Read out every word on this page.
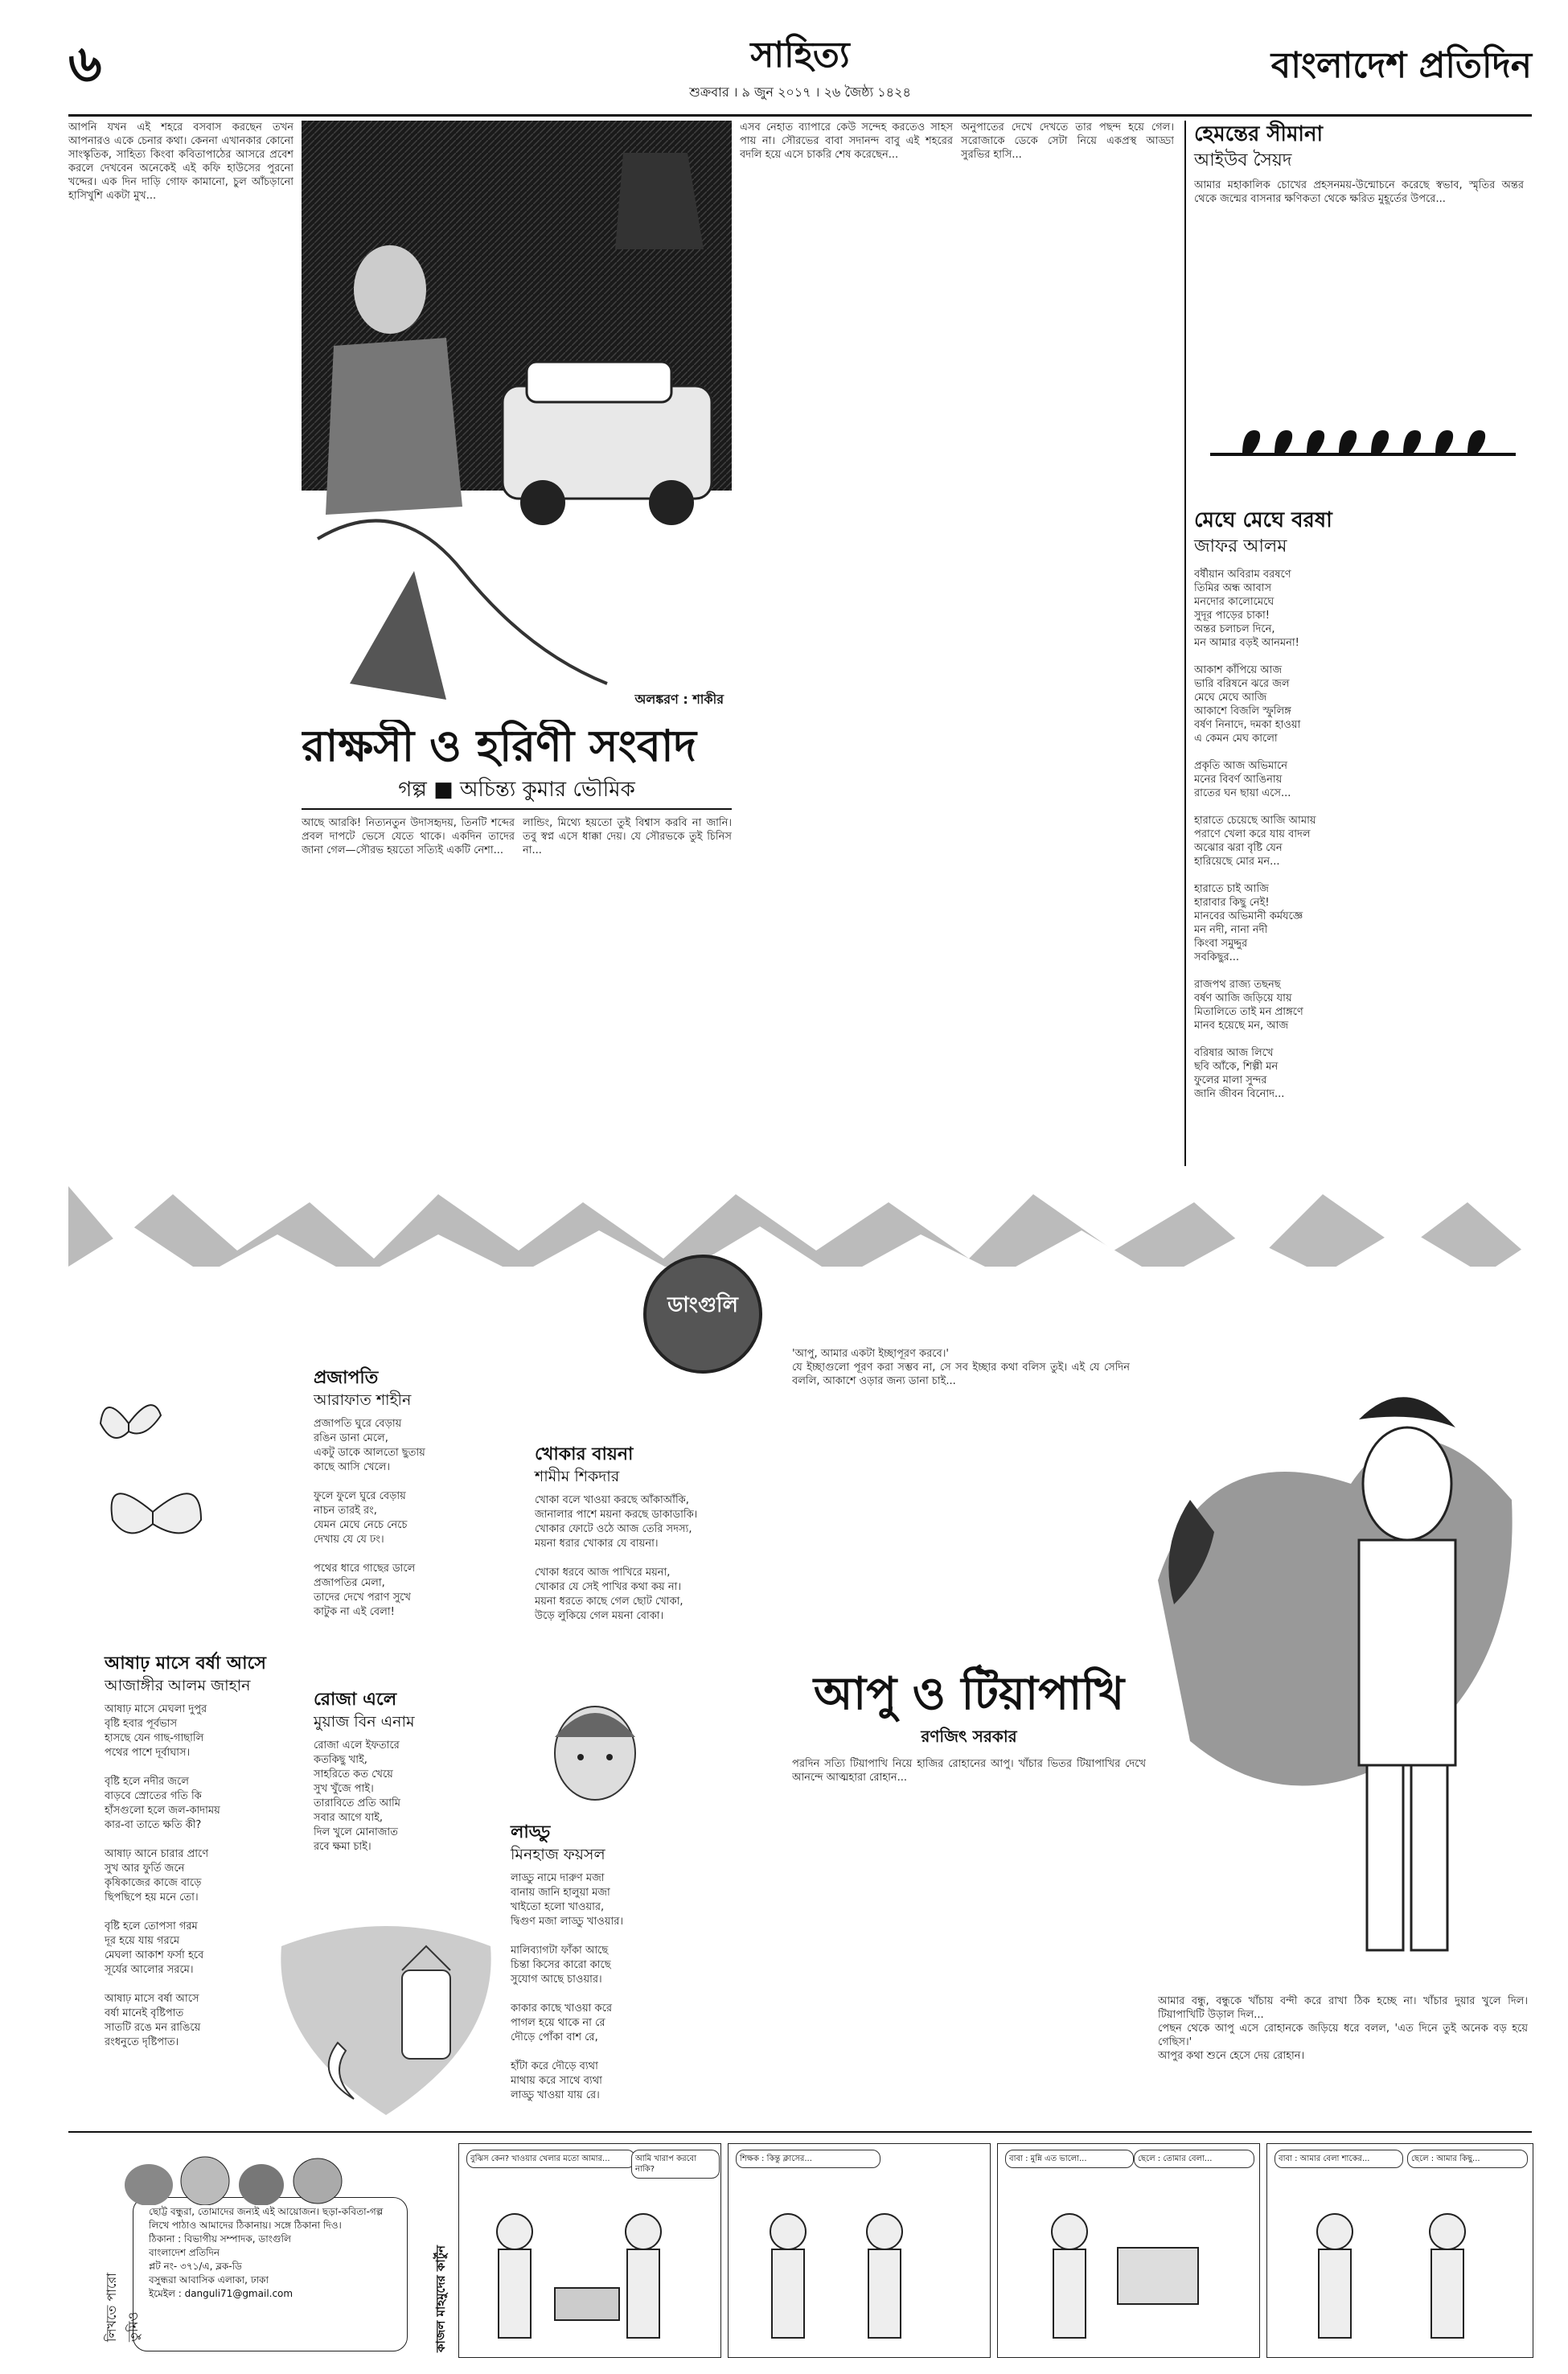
৬	সাহিত্য
শুক্রবার । ৯ জুন ২০১৭ । ২৬ জৈষ্ঠ্য ১৪২৪
বাংলাদেশ প্রতিদিন
আপনি যখন এই শহরে বসবাস করছেন তখন আপনারও একে চেনার কথা। কেননা এখানকার কোনো সাংস্কৃতিক, সাহিত্য কিংবা কবিতাপাঠের আসরে প্রবেশ করলে দেখবেন অনেকেই এই কফি হাউসের পুরনো খদ্দের। এক দিন দাড়ি গোফ কামানো, চুল আঁচড়ানো হাসিখুশি একটা মুখ...
অলঙ্করণ : শাকীর
রাক্ষসী ও হরিণী সংবাদ
গল্প ■ অচিন্ত্য কুমার ভৌমিক
আছে আরকি! নিত্যনতুন উদাসহৃদয়, তিনটি শব্দের প্রবল দাপটে ভেসে যেতে থাকে। একদিন তাদের জানা গেল—সৌরভ হয়তো সত্যিই একটি নেশা...
লান্ডিং, মিথ্যে হয়তো তুই বিশ্বাস করবি না জানি। তবু স্বপ্ন এসে ধাক্কা দেয়। যে সৌরভকে তুই চিনিস না...
এসব নেহাত ব্যাপারে কেউ সন্দেহ করতেও সাহস পায় না। সৌরভের বাবা সদানন্দ বাবু এই শহরের বদলি হয়ে এসে চাকরি শেষ করেছেন...
অনুপাতের দেখে দেখতে তার পছন্দ হয়ে গেল। সরোজাকে ডেকে সেটা নিয়ে একপ্রস্থ আড্ডা সুরভির হাসি...
হেমন্তের সীমানা
আইউব সৈয়দ
আমার মহাকালিক চোখের প্রহসনময়-উন্মোচনে করেছে স্বভাব, স্মৃতির অন্তর থেকে জন্মের বাসনার ক্ষণিকতা থেকে ক্ষরিত মুহূর্তের উপরে...
মেঘে মেঘে বরষা
জাফর আলম
বর্ষীয়ান অবিরাম বরষণে
তিমির অন্ধ আবাস
মনদোর কালোমেঘে
সুদূর পাড়ের চাকা!
অন্তর চলাচল দিনে,
মন আমার বড়ই আনমনা!

আকাশ কাঁপিয়ে আজ
ভারি বরিষনে ঝরে জল
মেঘে মেঘে আজি
আকাশে বিজলি স্ফুলিঙ্গ
বর্ষণ নিনাদে, দমকা হাওয়া
এ কেমন মেঘ কালো

প্রকৃতি আজ অভিমানে
মনের বিবর্ণ আঙিনায়
রাতের ঘন ছায়া এসে...

হারাতে চেয়েছে আজি আমায়
পরাণে খেলা করে যায় বাদল
অঝোর ঝরা বৃষ্টি যেন
হারিয়েছে মোর মন...

হারাতে চাই আজি
হারাবার কিছু নেই!
মানবের অভিমানী কর্মযজ্ঞে
মন নদী, নানা নদী
কিংবা সমুদ্দুর
সবকিছুর...

রাজপথ রাজ্য তছনছ
বর্ষণ আজি জড়িয়ে যায়
মিতালিতে তাই মন প্রাঙ্গণে
মানব হয়েছে মন, আজ

বরিষার আজ লিখে
ছবি আঁকে, শিল্পী মন
ফুলের মালা সুন্দর
জানি জীবন বিনোদ...
ডাংগুলি
প্রজাপতি
আরাফাত শাহীন
প্রজাপতি ঘুরে বেড়ায়
রঙিন ডানা মেলে,
একটু ডাকে আলতো ছুতায়
কাছে আসি খেলে।

ফুলে ফুলে ঘুরে বেড়ায়
নাচন তারই রং,
যেমন মেঘে নেচে নেচে
দেখায় যে যে ঢং।

পথের ধারে গাছের ডালে
প্রজাপতির মেলা,
তাদের দেখে পরাণ সুখে
কাটুক না এই বেলা!
খোকার বায়না
শামীম শিকদার
খোকা বলে খাওয়া করছে আঁকাআঁকি,
জানালার পাশে ময়না করছে ডাকাডাকি।
খোকার ফোটে ওঠে আজ তেরি সদস্য,
ময়না ধরার খোকার যে বায়না।

খোকা ধরবে আজ পাখিরে ময়না,
খোকার যে সেই পাখির কথা কয় না।
ময়না ধরতে কাছে গেল ছোট খোকা,
উড়ে লুকিয়ে গেল ময়না বোকা।
আষাঢ় মাসে বর্ষা আসে
আজাঙ্গীর আলম জাহান
আষাঢ় মাসে মেঘলা দুপুর
বৃষ্টি হবার পূর্বভাস
হাসছে যেন গাছ-গাছালি
পথের পাশে দূর্বাঘাস।

বৃষ্টি হলে নদীর জলে
বাড়বে স্রোতের গতি কি
হাঁসগুলো হলে জল-কাদাময়
কার-বা তাতে ক্ষতি কী?

আষাঢ় আনে চারার প্রাণে
সুখ আর ফুর্তি জনে
কৃষিকাজের কাজে বাড়ে
ছিপছিপে হয় মনে তো।

বৃষ্টি হলে তোপসা গরম
দূর হয়ে যায় গরমে
মেঘলা আকাশ ফর্সা হবে
সূর্যের আলোর সরমে।

আষাঢ় মাসে বর্ষা আসে
বর্ষা মানেই বৃষ্টিপাত
সাতটি রঙে মন রাঙিয়ে
রংধনুতে দৃষ্টিপাত।
রোজা এলে
মুয়াজ বিন এনাম
রোজা এলে ইফতারে
কতকিছু খাই,
সাহরিতে কত খেয়ে
সুখ খুঁজে পাই।
তারাবিতে প্রতি আমি
সবার আগে যাই,
দিল খুলে মোনাজাত
রবে ক্ষমা চাই।
লাড্ডু
মিনহাজ ফয়সল
লাড্ডু নামে দারুণ মজা
বানায় জানি হালুয়া মজা
খাইতো হলো খাওয়ার,
দ্বিগুণ মজা লাড্ডু খাওয়ার।

মালিব্যাগটা ফাঁকা আছে
চিন্তা কিসের কারো কাছে
সুযোগ আছে চাওয়ার।

কাকার কাছে খাওয়া করে
পাগল হয়ে থাকে না রে
দৌড়ে পোঁকা বাশ রে,

হাঁটা করে দৌড়ে ব্যথা
মাথায় করে সাথে ব্যথা
লাড্ডু খাওয়া যায় রে।
'আপু, আমার একটা ইচ্ছাপূরণ করবে।'
যে ইচ্ছাগুলো পূরণ করা সম্ভব না, সে সব ইচ্ছার কথা বলিস তুই। এই যে সেদিন বললি, আকাশে ওড়ার জন্য ডানা চাই...
আপু ও টিয়াপাখি
রণজিৎ সরকার
পরদিন সত্যি টিয়াপাখি নিয়ে হাজির রোহানের আপু। খাঁচার ভিতর টিয়াপাখির দেখে আনন্দে আত্মহারা রোহান...
আমার বন্ধু, বন্ধুকে খাঁচায় বন্দী করে রাখা ঠিক হচ্ছে না। খাঁচার দুয়ার খুলে দিল। টিয়াপাখিটি উড়াল দিল...
পেছন থেকে আপু এসে রোহানকে জড়িয়ে ধরে বলল, 'এত দিনে তুই অনেক বড় হয়ে গেছিস।'
আপুর কথা শুনে হেসে দেয় রোহান।
লিখতে পারো তুমিও
ছোট্ট বন্ধুরা, তোমাদের জন্যই এই আয়োজন। ছড়া-কবিতা-গল্প লিখে পাঠাও আমাদের ঠিকানায়। সঙ্গে ঠিকানা দিও।
ঠিকানা : বিভাগীয় সম্পাদক, ডাংগুলি
বাংলাদেশ প্রতিদিন
প্লট নং- ৩৭১/এ, ব্লক-ডি
বসুন্ধরা আবাসিক এলাকা, ঢাকা
ইমেইল : danguli71@gmail.com	কাজল মাহমুদের কার্টুন
বুঝিস কেন? খাওয়ার খেলার মতো আমার...	আমি খারাপ করবো নাকি?
শিক্ষক : কিন্তু ক্লাসের...	বাবা : মুন্নি এত ভালো...	ছেলে : তোমার বেলা...	বাবা : আমার বেলা শাকের...	ছেলে : আমার কিছু...
